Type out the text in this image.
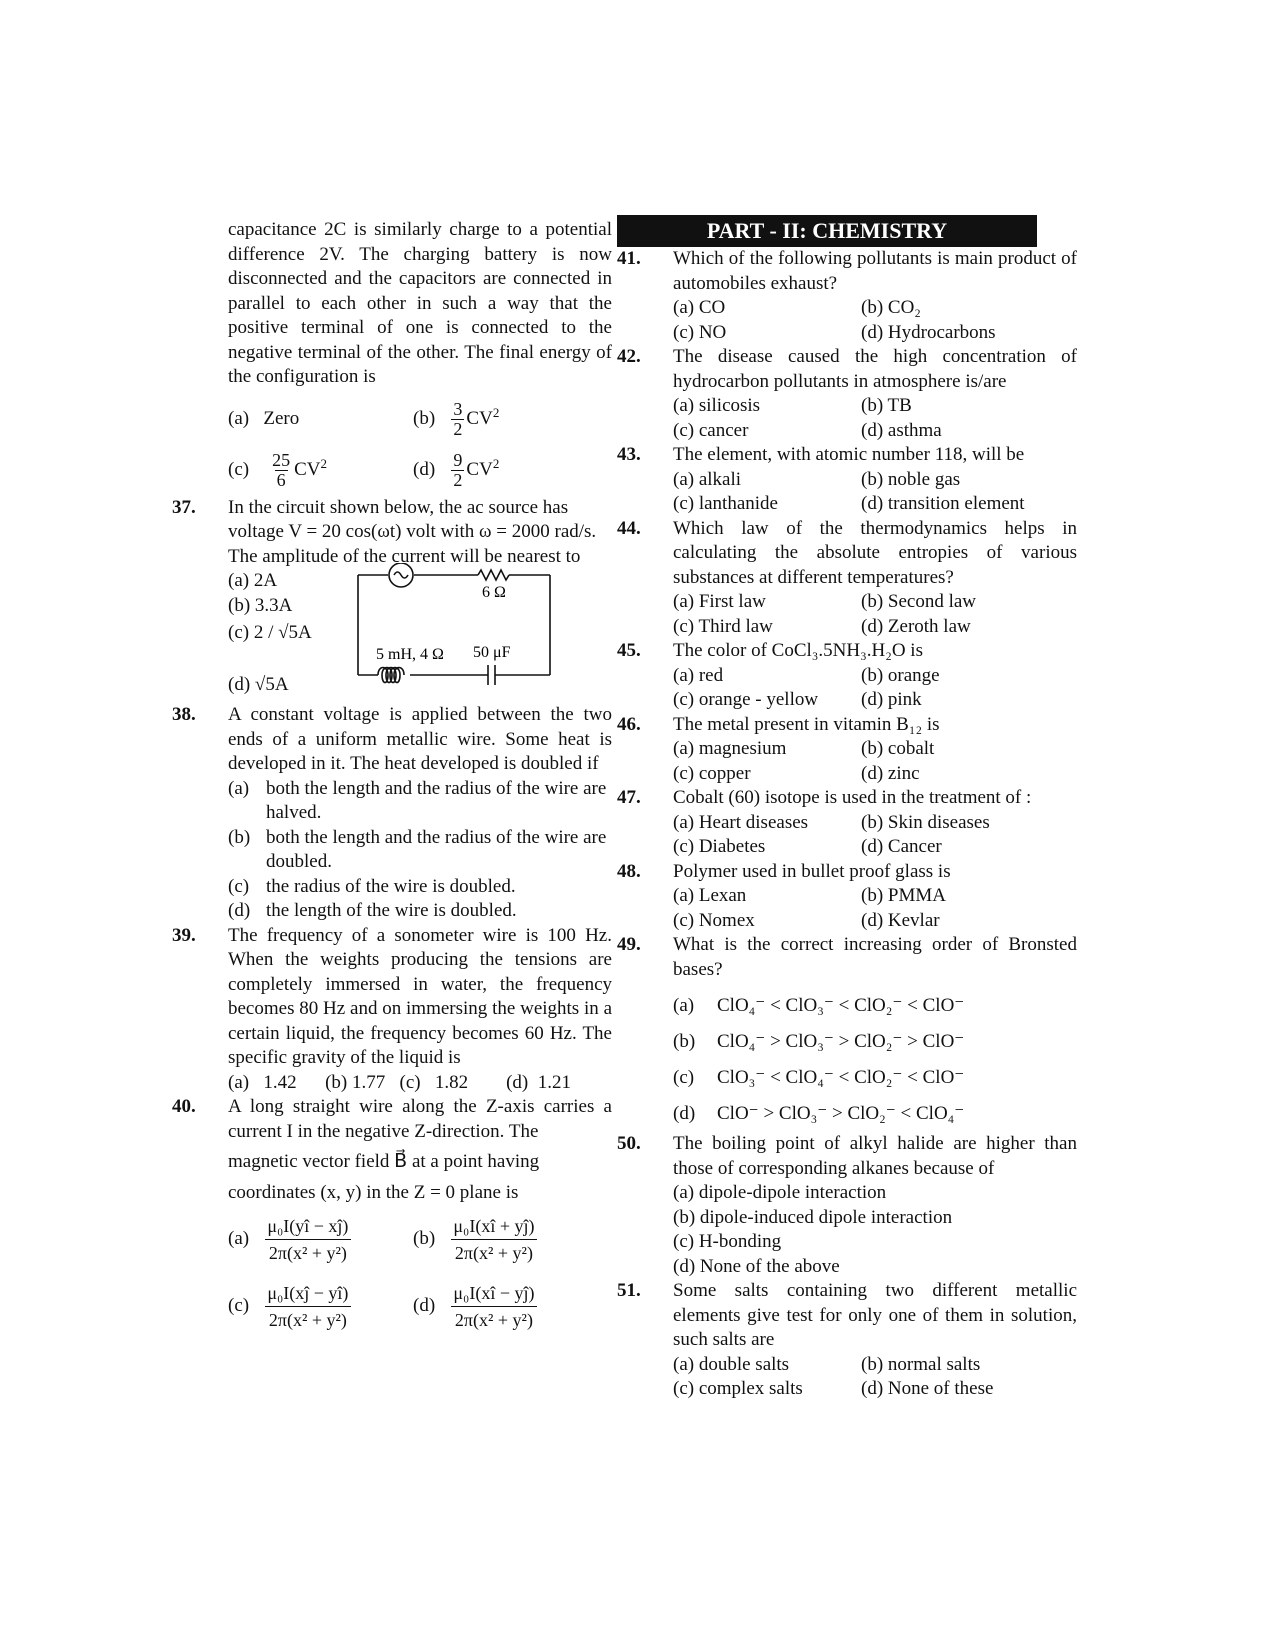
capacitance 2C is similarly charge to a potential difference 2V. The charging battery is now disconnected and the capacitors are connected in parallel to each other in such a way that the positive terminal of one is connected to the negative terminal of the other. The final energy of the configuration is
(a) Zero	$(b) \frac{3}{2} CV^2$
$(c) \frac{25}{6} CV^2$	$(d) \frac{9}{2} CV^2$
37. In the circuit shown below, the ac source has
voltage V = 20 cos(ωt) volt with ω = 2000 rad/s.
The amplitude of the current will be nearest to
(a) 2A
(b) 3.3A
(c) 2 / √5A
(d) √5A
6 Ω
5 mH, 4 Ω 50 μF
38. A constant voltage is applied between the two ends of a uniform metallic wire. Some heat is developed in it. The heat developed is doubled if
(a) both the length and the radius of the wire are halved.
(b) both the length and the radius of the wire are doubled.
(c) the radius of the wire is doubled.
(d) the length of the wire is doubled.
39. The frequency of a sonometer wire is 100 Hz. When the weights producing the tensions are completely immersed in water, the frequency becomes 80 Hz and on immersing the weights in a certain liquid, the frequency becomes 60 Hz. The specific gravity of the liquid is
(a)   1.42      (b) 1.77   (c)   1.82        (d)  1.21
40. A long straight wire along the Z-axis carries a current I in the negative Z-direction. The
magnetic vector field B⃗ at a point having
coordinates (x, y) in the Z = 0 plane is
$(a) \frac{\text{μ₀I(yî − xĵ)}}{\text{2π(x² + y²)}}$	$(b) \frac{\text{μ₀I(xî + yĵ)}}{\text{2π(x² + y²)}}$
$(c) \frac{\text{μ₀I(xĵ − yî)}}{\text{2π(x² + y²)}}$	$(d) \frac{\text{μ₀I(xî − yĵ)}}{\text{2π(x² + y²)}}$
PART - II: CHEMISTRY
41. Which of the following pollutants is main product of automobiles exhaust?
(a) CO	(b) CO₂
(c) NO	(d) Hydrocarbons
42. The disease caused the high concentration of hydrocarbon pollutants in atmosphere is/are
(a) silicosis	(b) TB
(c) cancer	(d) asthma
43. The element, with atomic number 118, will be
(a) alkali	(b) noble gas
(c) lanthanide	(d) transition element
44. Which law of the thermodynamics helps in calculating the absolute entropies of various substances at different temperatures?
(a) First law	(b) Second law
(c) Third law	(d) Zeroth law
45. The color of CoCl₃.5NH₃.H₂O is
(a) red	(b) orange
(c) orange - yellow	(d) pink
46. The metal present in vitamin B₁₂ is
(a) magnesium	(b) cobalt
(c) copper	(d) zinc
47. Cobalt (60) isotope is used in the treatment of :
(a) Heart diseases	(b) Skin diseases
(c) Diabetes	(d) Cancer
48. Polymer used in bullet proof glass is
(a) Lexan	(b) PMMA
(c) Nomex	(d) Kevlar
49. What is the correct increasing order of Bronsted bases?
(a) ClO₄⁻ < ClO₃⁻ < ClO₂⁻ < ClO⁻
(b) ClO₄⁻ > ClO₃⁻ > ClO₂⁻ > ClO⁻
(c) ClO₃⁻ < ClO₄⁻ < ClO₂⁻ < ClO⁻
(d) ClO⁻ > ClO₃⁻ > ClO₂⁻ < ClO₄⁻
50. The boiling point of alkyl halide are higher than those of corresponding alkanes because of
(a) dipole-dipole interaction
(b) dipole-induced dipole interaction
(c) H-bonding
(d) None of the above
51. Some salts containing two different metallic elements give test for only one of them in solution, such salts are
(a) double salts	(b) normal salts
(c) complex salts	(d) None of these
